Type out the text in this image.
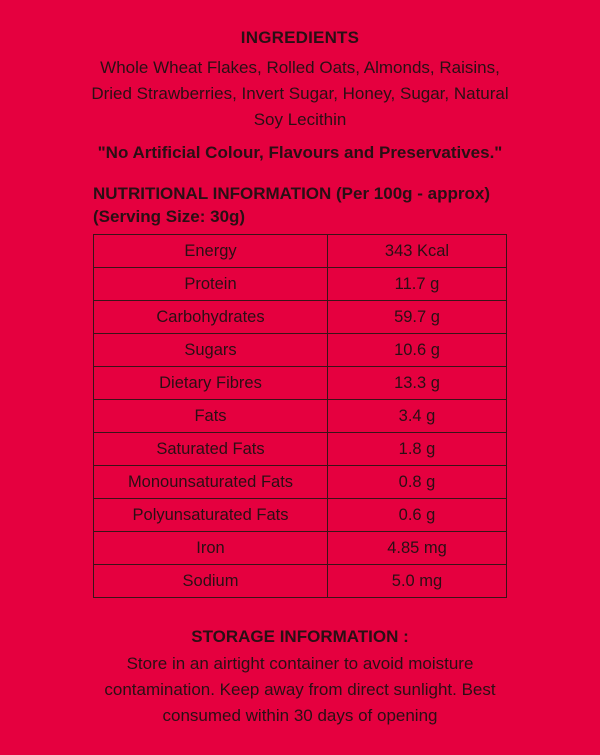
INGREDIENTS
Whole Wheat Flakes, Rolled Oats, Almonds, Raisins, Dried Strawberries, Invert Sugar, Honey, Sugar, Natural Soy Lecithin
"No Artificial Colour, Flavours and Preservatives."
NUTRITIONAL INFORMATION (Per 100g - approx)
(Serving Size: 30g)
Energy	343 Kcal
Protein	11.7 g
Carbohydrates	59.7 g
Sugars	10.6 g
Dietary Fibres	13.3 g
Fats	3.4 g
Saturated Fats	1.8 g
Monounsaturated Fats	0.8 g
Polyunsaturated Fats	0.6 g
Iron	4.85 mg
Sodium	5.0 mg
STORAGE INFORMATION :
Store in an airtight container to avoid moisture contamination. Keep away from direct sunlight. Best consumed within 30 days of opening
